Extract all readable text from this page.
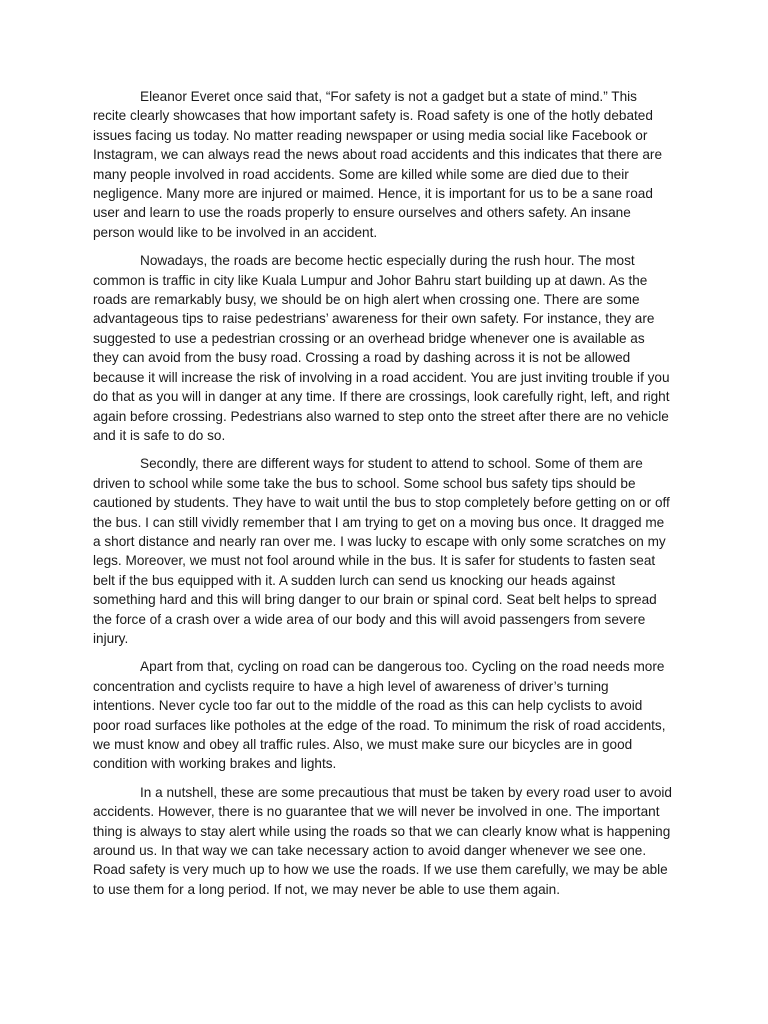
Eleanor Everet once said that, “For safety is not a gadget but a state of mind.” This recite clearly showcases that how important safety is. Road safety is one of the hotly debated issues facing us today. No matter reading newspaper or using media social like Facebook or Instagram, we can always read the news about road accidents and this indicates that there are many people involved in road accidents. Some are killed while some are died due to their negligence. Many more are injured or maimed. Hence, it is important for us to be a sane road user and learn to use the roads properly to ensure ourselves and others safety. An insane person would like to be involved in an accident.

Nowadays, the roads are become hectic especially during the rush hour. The most common is traffic in city like Kuala Lumpur and Johor Bahru start building up at dawn. As the roads are remarkably busy, we should be on high alert when crossing one. There are some advantageous tips to raise pedestrians’ awareness for their own safety. For instance, they are suggested to use a pedestrian crossing or an overhead bridge whenever one is available as they can avoid from the busy road. Crossing a road by dashing across it is not be allowed because it will increase the risk of involving in a road accident. You are just inviting trouble if you do that as you will in danger at any time. If there are crossings, look carefully right, left, and right again before crossing. Pedestrians also warned to step onto the street after there are no vehicle and it is safe to do so.

Secondly, there are different ways for student to attend to school. Some of them are driven to school while some take the bus to school. Some school bus safety tips should be cautioned by students. They have to wait until the bus to stop completely before getting on or off the bus. I can still vividly remember that I am trying to get on a moving bus once. It dragged me a short distance and nearly ran over me. I was lucky to escape with only some scratches on my legs. Moreover, we must not fool around while in the bus. It is safer for students to fasten seat belt if the bus equipped with it. A sudden lurch can send us knocking our heads against something hard and this will bring danger to our brain or spinal cord. Seat belt helps to spread the force of a crash over a wide area of our body and this will avoid passengers from severe injury.

Apart from that, cycling on road can be dangerous too. Cycling on the road needs more concentration and cyclists require to have a high level of awareness of driver’s turning intentions. Never cycle too far out to the middle of the road as this can help cyclists to avoid poor road surfaces like potholes at the edge of the road. To minimum the risk of road accidents, we must know and obey all traffic rules. Also, we must make sure our bicycles are in good condition with working brakes and lights.

In a nutshell, these are some precautious that must be taken by every road user to avoid accidents. However, there is no guarantee that we will never be involved in one. The important thing is always to stay alert while using the roads so that we can clearly know what is happening around us. In that way we can take necessary action to avoid danger whenever we see one. Road safety is very much up to how we use the roads. If we use them carefully, we may be able to use them for a long period. If not, we may never be able to use them again.
